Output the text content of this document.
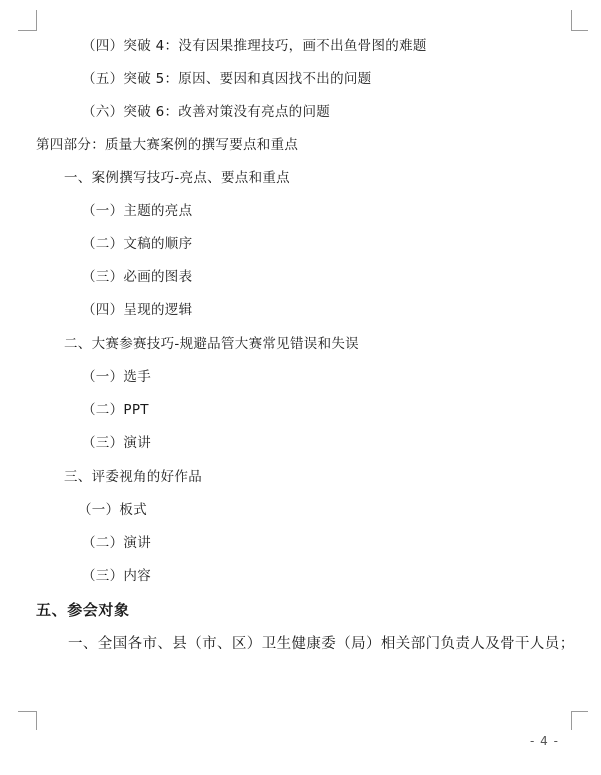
（四）突破 4：没有因果推理技巧，画不出鱼骨图的难题
（五）突破 5：原因、要因和真因找不出的问题
（六）突破 6：改善对策没有亮点的问题
第四部分：质量大赛案例的撰写要点和重点
一、案例撰写技巧-亮点、要点和重点
（一）主题的亮点
（二）文稿的顺序
（三）必画的图表
（四）呈现的逻辑
二、大赛参赛技巧-规避品管大赛常见错误和失误
（一）选手
（二）PPT
（三）演讲
三、评委视角的好作品
（一）板式
（二）演讲
（三）内容
五、参会对象
一、全国各市、县（市、区）卫生健康委（局）相关部门负责人及骨干人员；
- 4 -
